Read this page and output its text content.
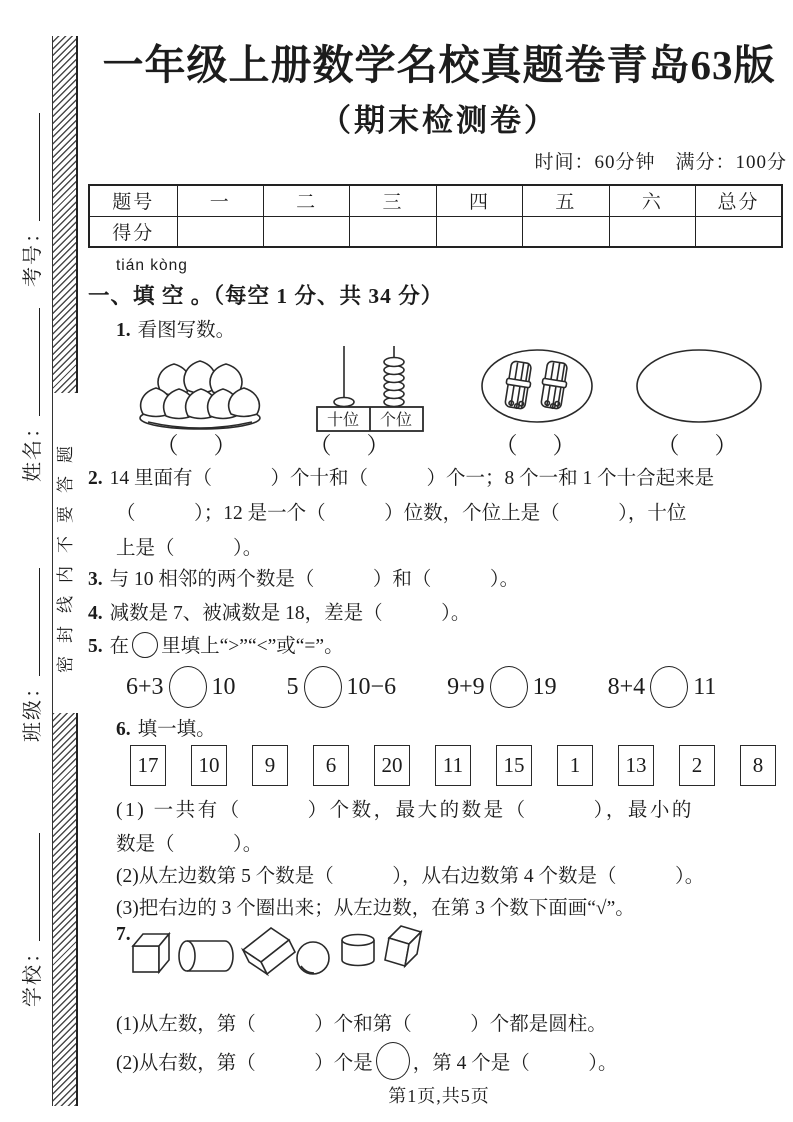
考号：
姓名：
班级：
学校：
密封线内不要答题
一年级上册数学名校真题卷青岛63版
（期末检测卷）
时间：60分钟　满分：100分
题号	一	二	三	四	五	六	总分
得分							
tián kòng
一、填 空 。（每空 1 分、共 34 分）
1. 看图写数。
十位 个位
（　）	（　）	（　）	（　）
2. 14 里面有（　　　）个十和（　　　）个一；8 个一和 1 个十合起来是
（　　　）；12 是一个（　　　）位数，个位上是（　　　），十位
上是（　　　）。
3. 与 10 相邻的两个数是（　　　）和（　　　）。
4. 减数是 7、被减数是 18，差是（　　　）。
5. 在 里填上“>”“<”或“=”。
6+3 10 5 10−6 9+9 19 8+4 11
6. 填一填。
17	10	9	6	20	11	15	1	13	2	8
(1) 一共有（　　　）个数，最大的数是（　　　），最小的
数是（　　　）。
(2)从左边数第 5 个数是（　　　），从右边数第 4 个数是（　　　）。
(3)把右边的 3 个圈出来；从左边数，在第 3 个数下面画“√”。
7.
(1)从左数，第（　　　）个和第（　　　）个都是圆柱。
(2)从右数，第（　　　）个是 ，第 4 个是（　　　）。
第1页,共5页
